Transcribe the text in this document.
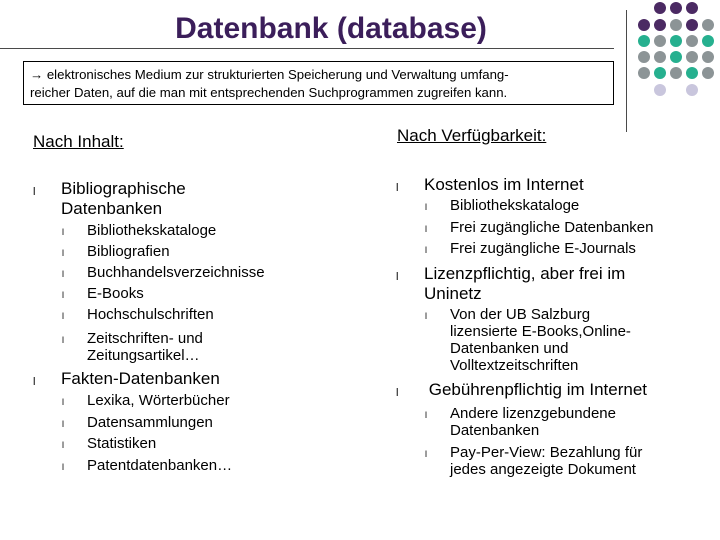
Datenbank (database)
→ elektronisches Medium zur strukturierten Speicherung und Verwaltung umfang-
reicher Daten, auf die man mit entsprechenden Suchprogrammen zugreifen kann.
Nach Inhalt:
l Bibliographische
Datenbanken
l Bibliothekskataloge
l Bibliografien
l Buchhandelsverzeichnisse
l E-Books
l Hochschulschriften
l Zeitschriften- und
Zeitungsartikel…
l Fakten-Datenbanken
l Lexika, Wörterbücher
l Datensammlungen
l Statistiken
l Patentdatenbanken…
Nach Verfügbarkeit:
l Kostenlos im Internet
l Bibliothekskataloge
l Frei zugängliche Datenbanken
l Frei zugängliche E-Journals
l Lizenzpflichtig, aber frei im
Uninetz
l Von der UB Salzburg
lizensierte E-Books,Online-
Datenbanken und
Volltextzeitschriften
l Gebührenpflichtig im Internet
l Andere lizenzgebundene
Datenbanken
l Pay-Per-View: Bezahlung für
jedes angezeigte Dokument
